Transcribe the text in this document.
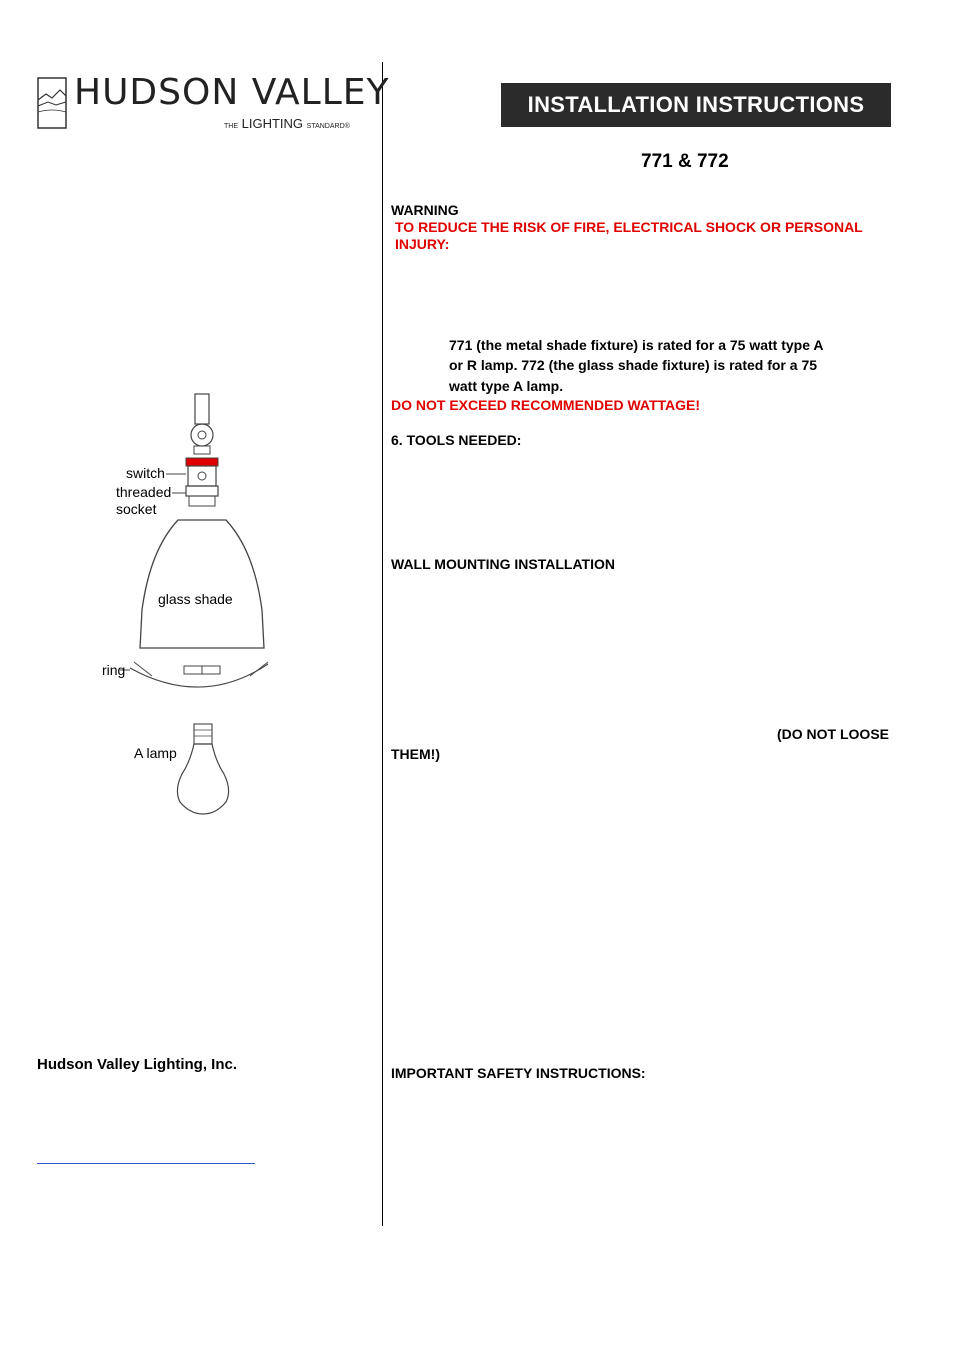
HUDSON VALLEY
THE LIGHTING STANDARD®
INSTALLATION INSTRUCTIONS
771 & 772
WARNING
TO REDUCE THE RISK OF FIRE, ELECTRICAL SHOCK OR PERSONAL INJURY:
771 (the metal shade fixture) is rated for a 75 watt type A
or R lamp. 772 (the glass shade fixture) is rated for a 75
watt type A lamp.
DO NOT EXCEED RECOMMENDED WATTAGE!
6. TOOLS NEEDED:
WALL MOUNTING INSTALLATION
(DO NOT LOOSE
THEM!)
IMPORTANT SAFETY INSTRUCTIONS:
switch
threaded
socket
glass shade
ring
A lamp
Hudson Valley Lighting, Inc.
